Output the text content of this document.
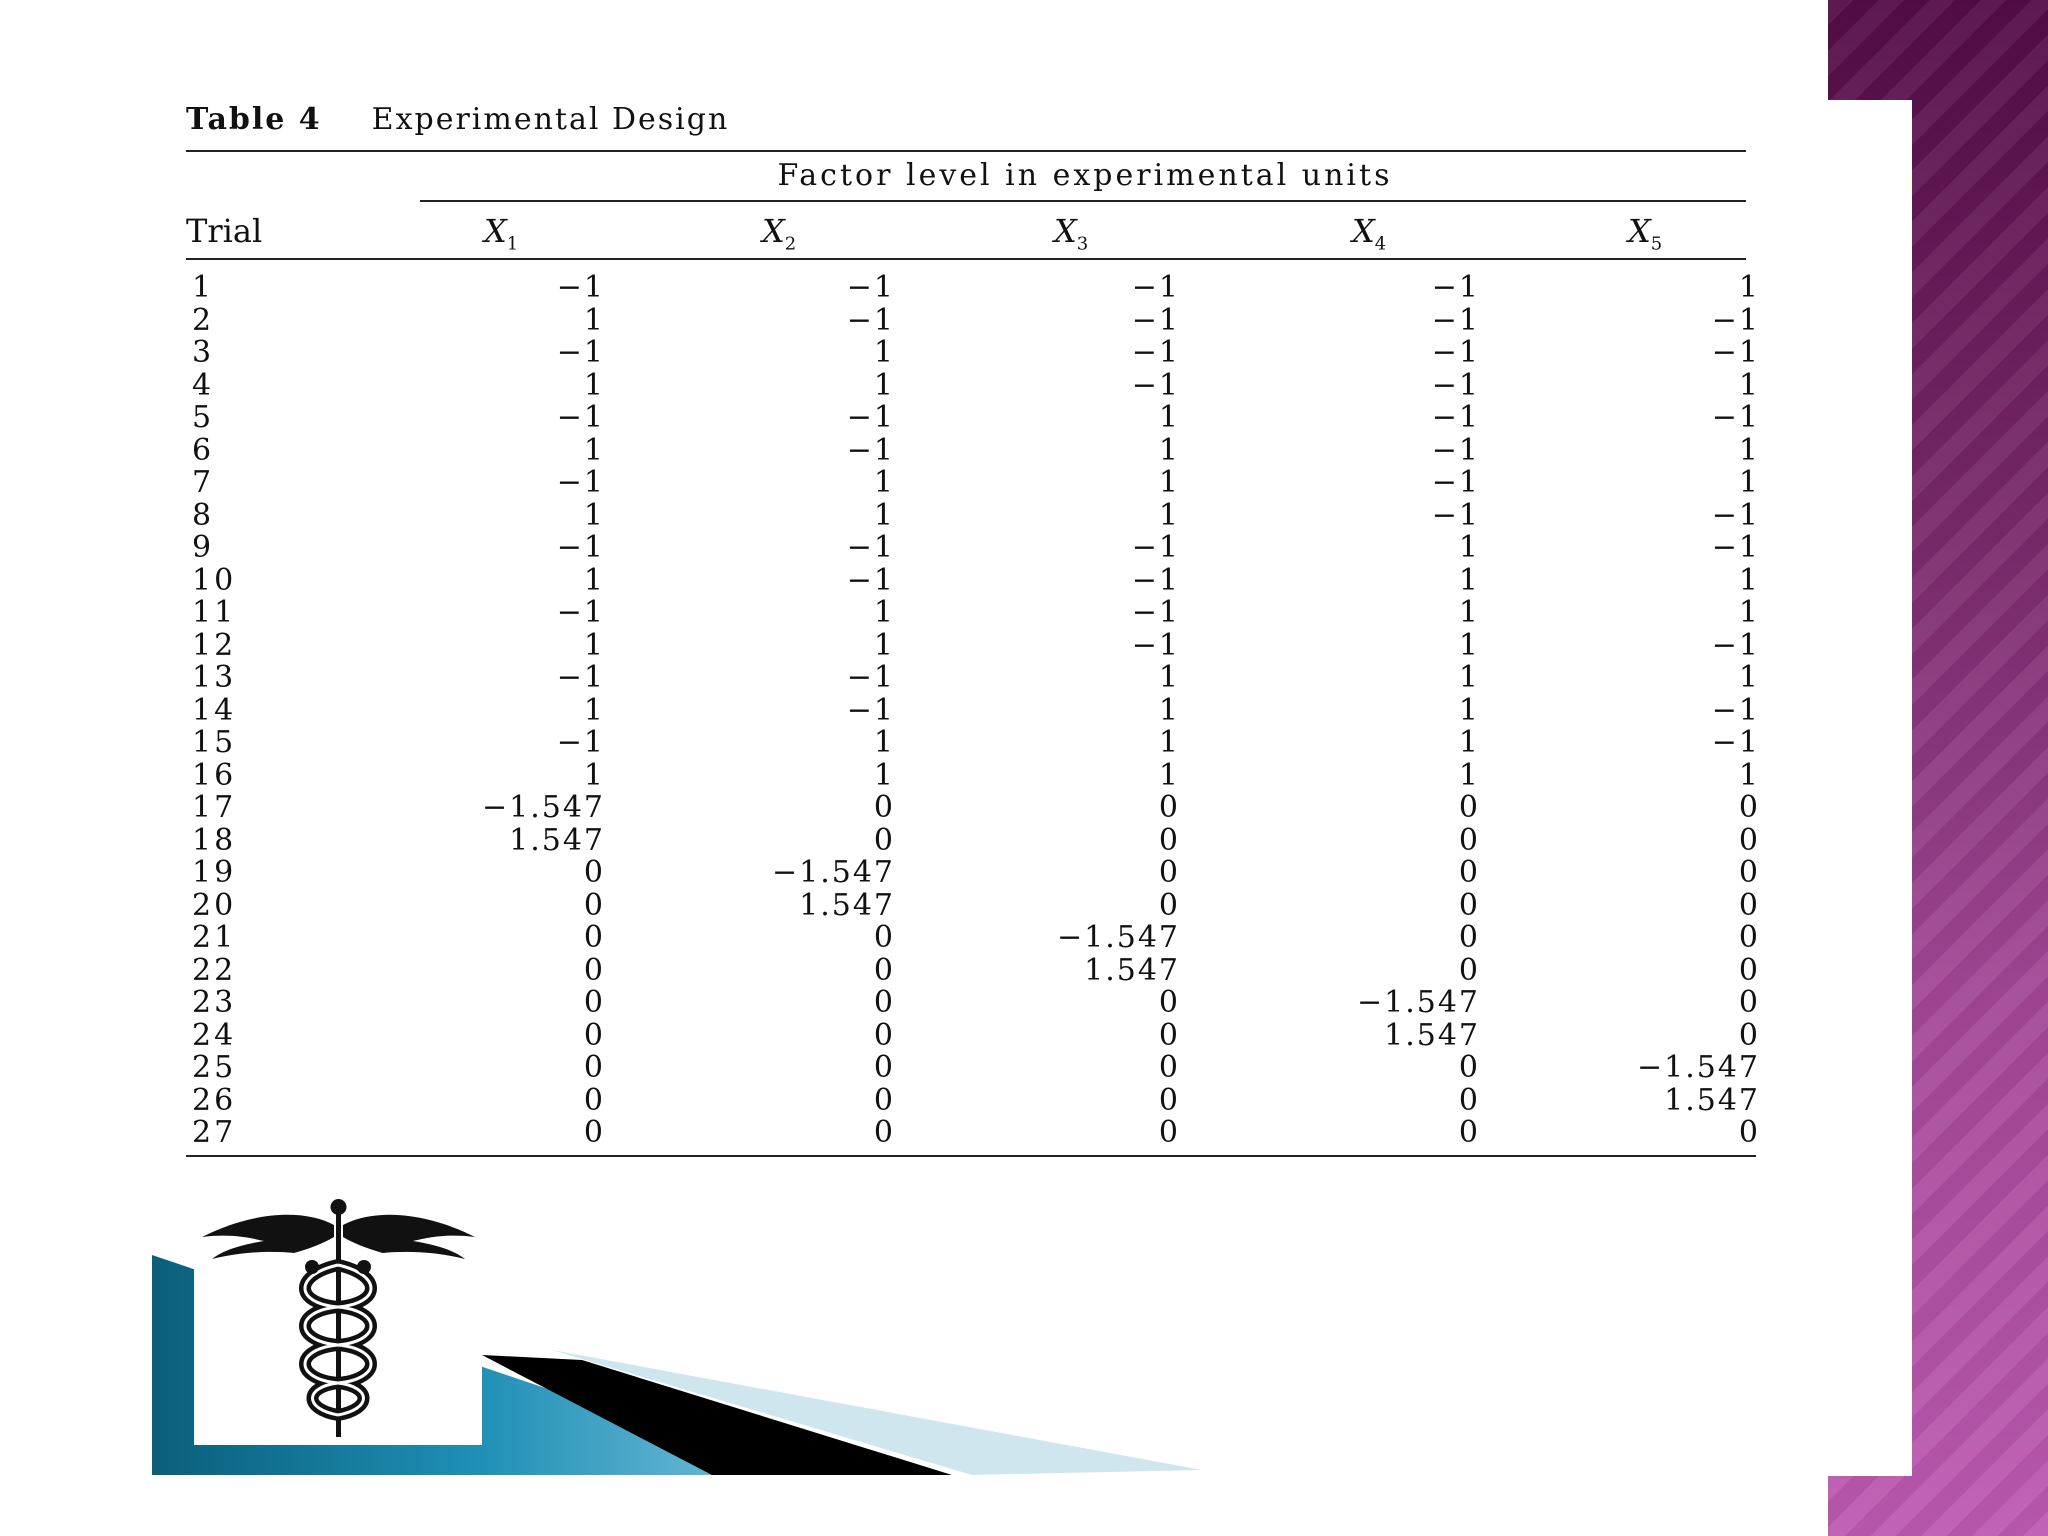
Table 4 Experimental Design
Factor level in experimental units
Trial	$X_1$	$X_2$	$X_3$	$X_4$	$X_5$
1	−1	−1	−1	−1	1
2	1	−1	−1	−1	−1
3	−1	1	−1	−1	−1
4	1	1	−1	−1	1
5	−1	−1	1	−1	−1
6	1	−1	1	−1	1
7	−1	1	1	−1	1
8	1	1	1	−1	−1
9	−1	−1	−1	1	−1
10	1	−1	−1	1	1
11	−1	1	−1	1	1
12	1	1	−1	1	−1
13	−1	−1	1	1	1
14	1	−1	1	1	−1
15	−1	1	1	1	−1
16	1	1	1	1	1
17	−1.547	0	0	0	0
18	1.547	0	0	0	0
19	0	−1.547	0	0	0
20	0	1.547	0	0	0
21	0	0	−1.547	0	0
22	0	0	1.547	0	0
23	0	0	0	−1.547	0
24	0	0	0	1.547	0
25	0	0	0	0	−1.547
26	0	0	0	0	1.547
27	0	0	0	0	0
